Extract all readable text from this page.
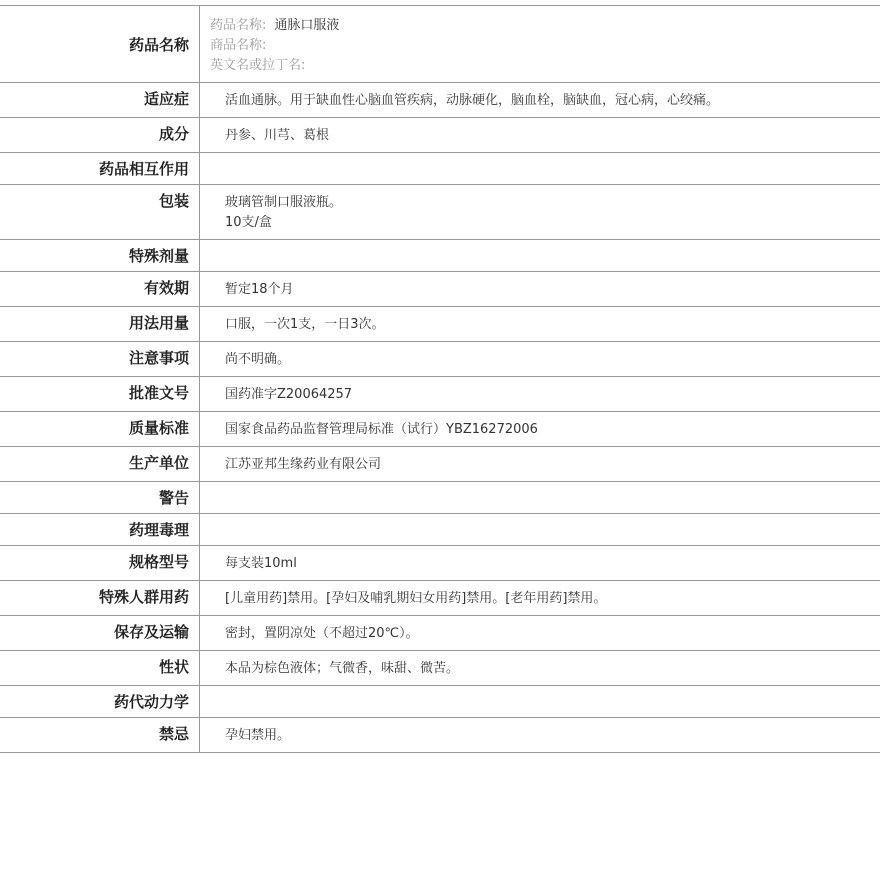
药品名称
药品名称: 通脉口服液
商品名称:
英文名或拉丁名:
适应症	活血通脉。用于缺血性心脑血管疾病，动脉硬化，脑血栓，脑缺血，冠心病，心绞痛。
成分	丹参、川芎、葛根
药品相互作用
包装	玻璃管制口服液瓶。
10支/盒
特殊剂量
有效期	暂定18个月
用法用量	口服，一次1支，一日3次。
注意事项	尚不明确。
批准文号	国药准字Z20064257
质量标准	国家食品药品监督管理局标准（试行）YBZ16272006
生产单位	江苏亚邦生缘药业有限公司
警告
药理毒理
规格型号	每支装10ml
特殊人群用药	[儿童用药]禁用。[孕妇及哺乳期妇女用药]禁用。[老年用药]禁用。
保存及运输	密封，置阴凉处（不超过20℃）。
性状	本品为棕色液体；气微香，味甜、微苦。
药代动力学
禁忌	孕妇禁用。
